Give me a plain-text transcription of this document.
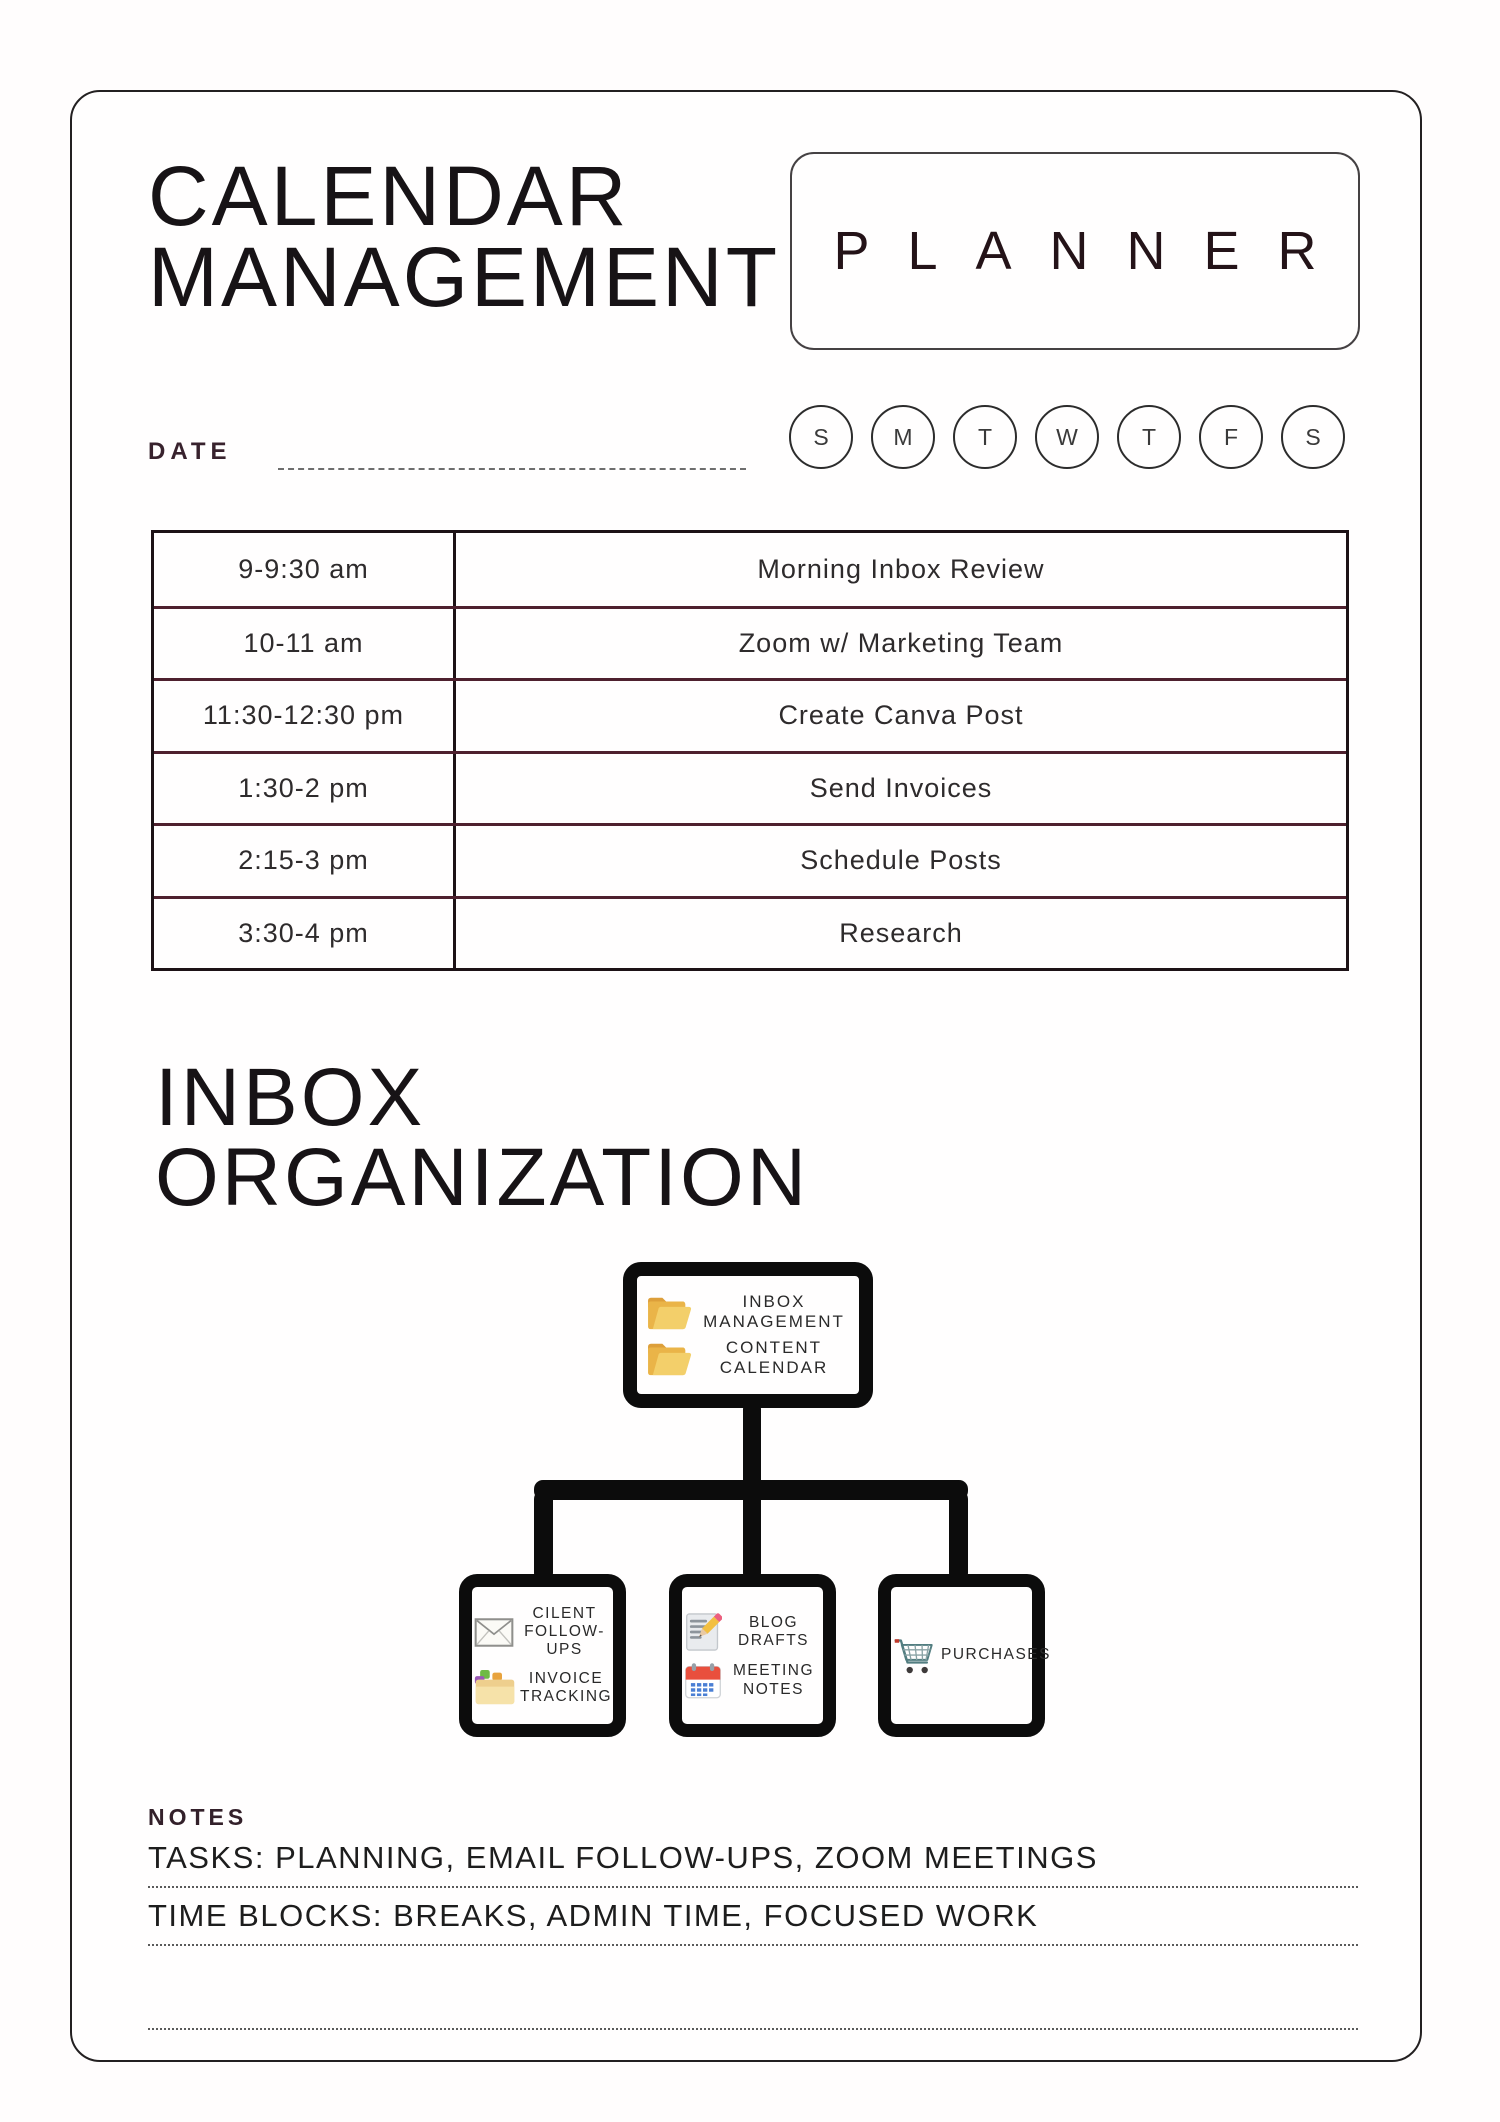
CALENDAR
MANAGEMENT PLANNER
DATE
S	M	T	W	T	F	S
9-9:30 am	Morning Inbox Review
10-11 am	Zoom w/ Marketing Team
11:30-12:30 pm	Create Canva Post
1:30-2 pm	Send Invoices
2:15-3 pm	Schedule Posts
3:30-4 pm	Research
INBOX
ORGANIZATION
INBOX MANAGEMENT
CONTENT CALENDAR
CILENT FOLLOW-UPS
INVOICE TRACKING
BLOG DRAFTS
MEETING NOTES
PURCHASES
NOTES
TASKS: PLANNING, EMAIL FOLLOW-UPS, ZOOM MEETINGS
TIME BLOCKS: BREAKS, ADMIN TIME, FOCUSED WORK
